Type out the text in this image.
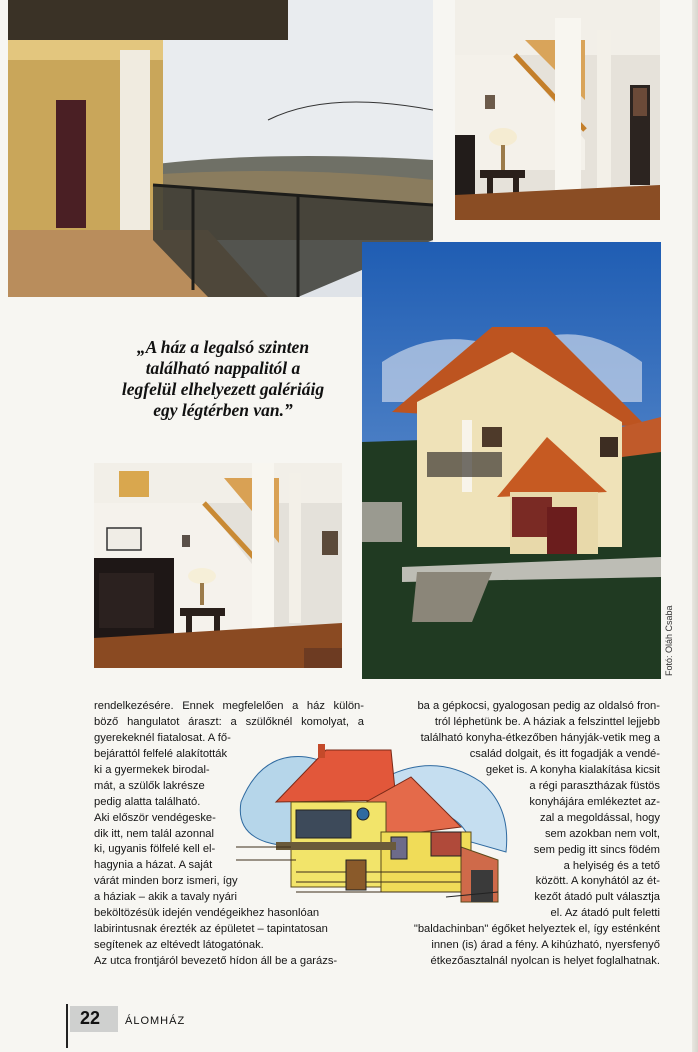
„A ház a legalsó szinten
található nappalitól a
legfelül elhelyezett galériáig
egy légtérben van.”
Fotó: Oláh Csaba
rendelkezésére. Ennek megfelelően a ház külön-
böző hangulatot áraszt: a szülőknél komolyat, a
gyerekeknél fiatalosat. A fő-
bejárattól felfelé alakították
ki a gyermekek birodal-
mát, a szülők lakrésze
pedig alatta található.
Aki először vendégeske-
dik itt, nem talál azonnal
ki, ugyanis fölfelé kell el-
hagynia a házat. A saját
várát minden borz ismeri, így
a háziak – akik a tavaly nyári
beköltözésük idején vendégeikhez hasonlóan
labirintusnak érezték az épületet – tapintatosan
segítenek az eltévedt látogatónak.
Az utca frontjáról bevezető hídon áll be a garázs-
ba a gépkocsi, gyalogosan pedig az oldalsó fron-
tról léphetünk be. A háziak a felszinttel lejjebb
található konyha-étkezőben hányják-vetik meg a
család dolgait, és itt fogadják a vendé-
geket is. A konyha kialakítása kicsit
a régi parasztházak füstös
konyhájára emlékeztet az-
zal a megoldással, hogy
sem azokban nem volt,
sem pedig itt sincs födém
a helyiség és a tető
között. A konyhától az ét-
kezőt átadó pult választja
el. Az átadó pult feletti
"baldachinban" égőket helyeztek el, így esténként
innen (is) árad a fény. A kihúzható, nyersfenyő
étkezőasztalnál nyolcan is helyet foglalhatnak.
22 ÁLOMHÁZ
